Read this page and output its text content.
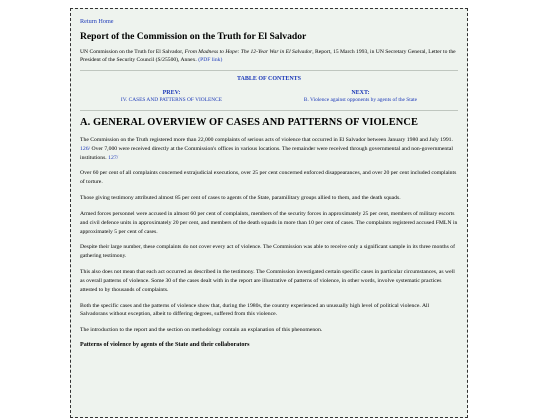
Return Home
Report of the Commission on the Truth for El Salvador

UN Commission on the Truth for El Salvador, From Madness to Hope: The 12-Year War in El Salvador, Report, 15 March 1993, in UN Secretary General, Letter to the President of the Security Council (S/25500), Annex. (PDF link)

TABLE OF CONTENTS
PREV:
IV. CASES AND PATTERNS OF VIOLENCE
NEXT:
B. Violence against opponents by agents of the State
A. GENERAL OVERVIEW OF CASES AND PATTERNS OF VIOLENCE

The Commission on the Truth registered more than 22,000 complaints of serious acts of violence that occurred in El Salvador between January 1980 and July 1991. 126/ Over 7,000 were received directly at the Commission's offices in various locations. The remainder were received through governmental and non-governmental institutions. 127/

Over 60 per cent of all complaints concerned extrajudicial executions, over 25 per cent concerned enforced disappearances, and over 20 per cent included complaints of torture.

Those giving testimony attributed almost 85 per cent of cases to agents of the State, paramilitary groups allied to them, and the death squads.

Armed forces personnel were accused in almost 60 per cent of complaints, members of the security forces in approximately 25 per cent, members of military escorts and civil defence units in approximately 20 per cent, and members of the death squads in more than 10 per cent of cases. The complaints registered accused FMLN in approximately 5 per cent of cases.

Despite their large number, these complaints do not cover every act of violence. The Commission was able to receive only a significant sample in its three months of gathering testimony.

This also does not mean that each act occurred as described in the testimony. The Commission investigated certain specific cases in particular circumstances, as well as overall patterns of violence. Some 30 of the cases dealt with in the report are illustrative of patterns of violence, in other words, involve systematic practices attested to by thousands of complaints.

Both the specific cases and the patterns of violence show that, during the 1980s, the country experienced an unusually high level of political violence. All Salvadorans without exception, albeit to differing degrees, suffered from this violence.

The introduction to the report and the section on methodology contain an explanation of this phenomenon.

Patterns of violence by agents of the State and their collaborators
